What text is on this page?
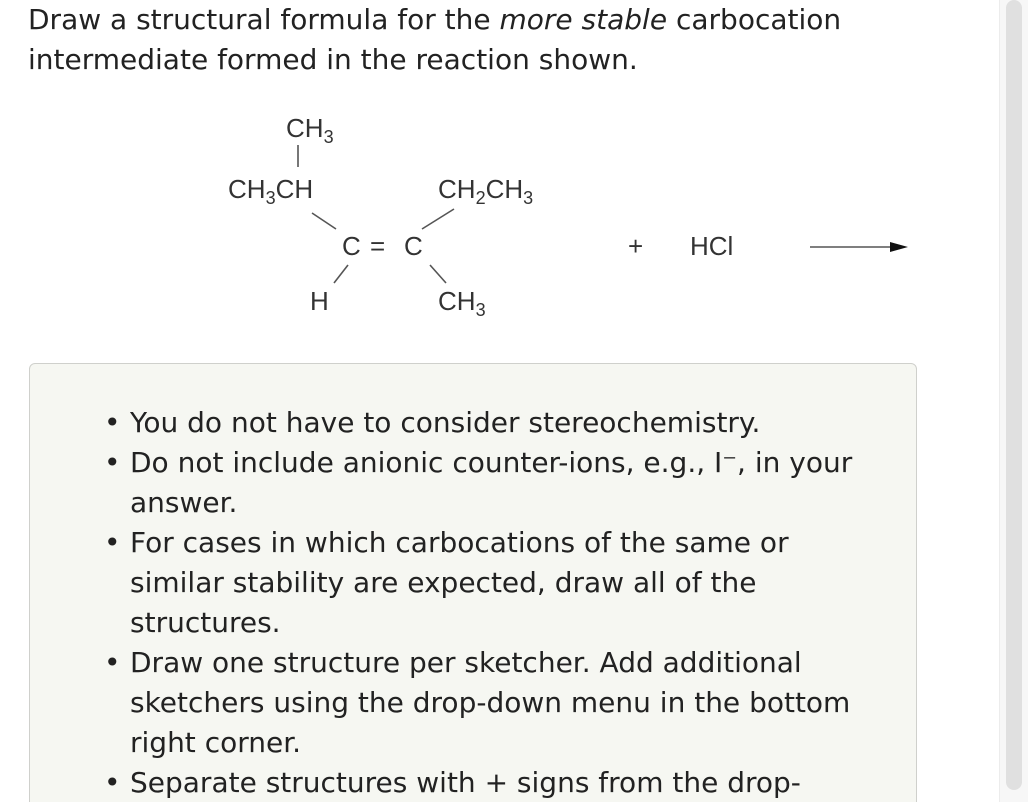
Draw a structural formula for the more stable carbocation intermediate formed in the reaction shown.
$CH_3$
$CH_3CH$	$CH_2CH_3$
C = C
H	$CH_3$
+ HCl
• You do not have to consider stereochemistry.
• Do not include anionic counter-ions, e.g., I⁻, in your answer.
• For cases in which carbocations of the same or similar stability are expected, draw all of the structures.
• Draw one structure per sketcher. Add additional sketchers using the drop-down menu in the bottom right corner.
• Separate structures with + signs from the drop-
